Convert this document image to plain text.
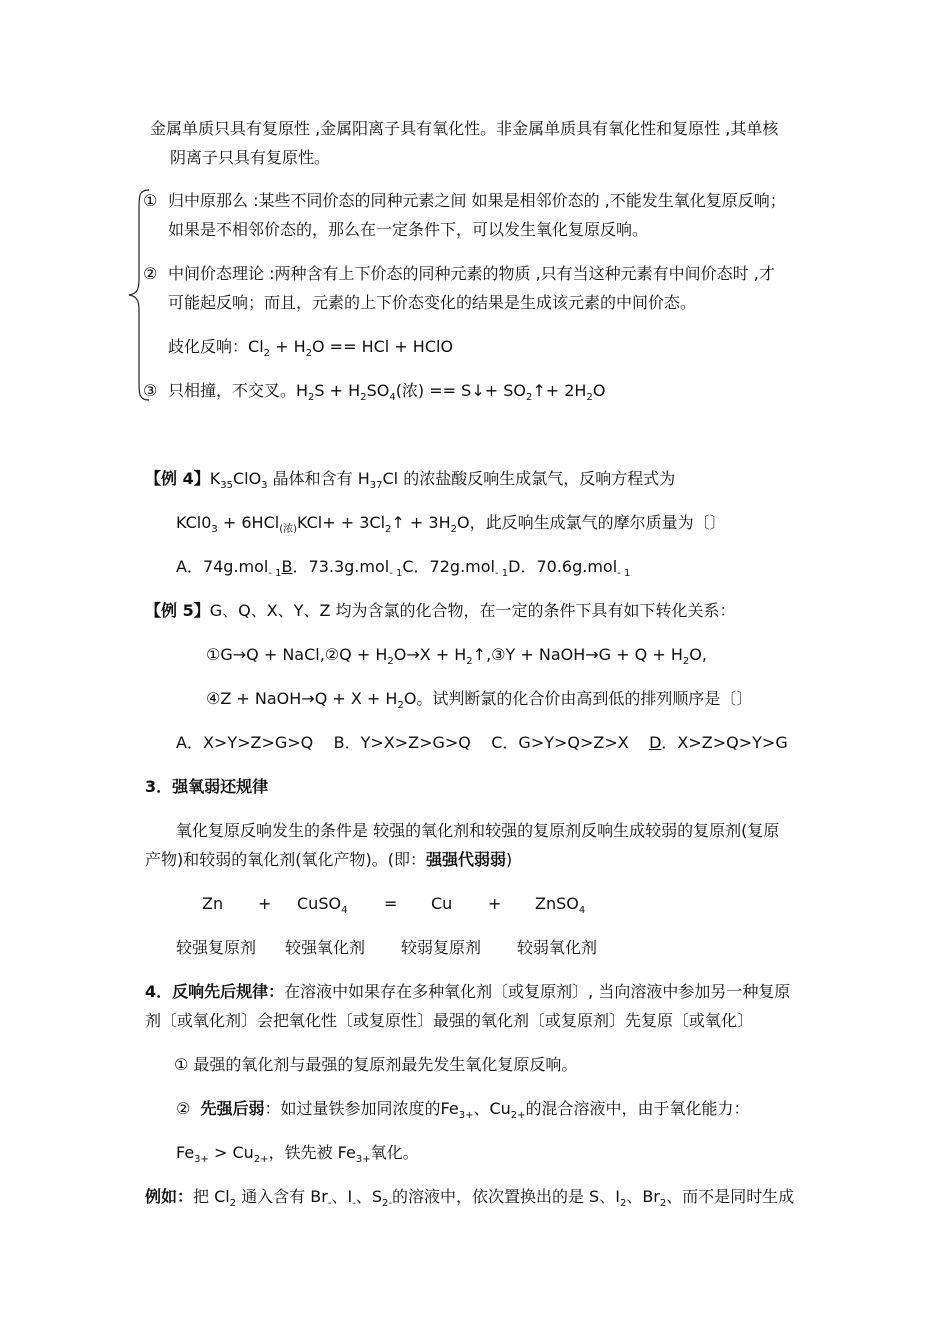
金属单质只具有复原性 ,金属阳离子具有氧化性。非金属单质具有氧化性和复原性 ,其单核
阴离子只具有复原性。
① 归中原那么 :某些不同价态的同种元素之间 如果是相邻价态的 ,不能发生氧化复原反响；
如果是不相邻价态的，那么在一定条件下，可以发生氧化复原反响。
② 中间价态理论 :两种含有上下价态的同种元素的物质 ,只有当这种元素有中间价态时 ,才
可能起反响；而且，元素的上下价态变化的结果是生成该元素的中间价态。
歧化反响：$Cl_2 + H_2O$ == HCl + HClO
③ 只相撞，不交叉。$H_2S + H_2SO_4$(浓) == S↓+ $SO_2↑+ 2H_2O$
【例 4】$K_{35}ClO_3$ 晶体和含有 $H_{37}Cl$ 的浓盐酸反响生成氯气，反响方程式为
$KCl0_3 + 6HCl_{(浓)}KCl+$ + $3Cl_2↑ + 3H_2O$，此反响生成氯气的摩尔质量为〔〕
A．74g.mol$_{- 1}$B．73.3g.mol$_{- 1}$C．72g.mol$_{- 1}$D．70.6g.mol$_{- 1}$
【例 5】G、Q、X、Y、Z 均为含氯的化合物，在一定的条件下具有如下转化关系：
①G→Q + NaCl,②Q + $H_2O\to X$ + $H_2↑,③Y$ + NaOH→G + $Q + H_2O$,
④Z + NaOH→Q + $X + H_2O$。试判断氯的化合价由高到低的排列顺序是〔〕
A．X>Y>Z>G>Q B．Y>X>Z>G>Q C．G>Y>Q>Z>X D．X>Z>Q>Y>G
3．强氧弱还规律
氧化复原反响发生的条件是 较强的氧化剂和较强的复原剂反响生成较弱的复原剂(复原
产物)和较弱的氧化剂(氧化产物)。(即：强强代弱弱)
Zn + CuSO$_4$ = Cu + ZnSO$_4$
较强复原剂 较强氧化剂 较弱复原剂 较弱氧化剂
4．反响先后规律：在溶液中如果存在多种氧化剂〔或复原剂〕, 当向溶液中参加另一种复原
剂〔或氧化剂〕会把氧化性〔或复原性〕最强的氧化剂〔或复原剂〕先复原〔或氧化〕
① 最强的氧化剂与最强的复原剂最先发生氧化复原反响。
② 先强后弱：如过量铁参加同浓度的$Fe_{3+}$、$Cu_{2+}$的混合溶液中，由于氧化能力：
$Fe_{3+} > Cu_{2+}$，铁先被 $Fe_{3+}$氧化。
例如：把 $Cl_2$ 通入含有 $Br_-$、$I_-$、$S_{2-}$的溶液中，依次置换出的是 S、$I_2$、$Br_2$、而不是同时生成
